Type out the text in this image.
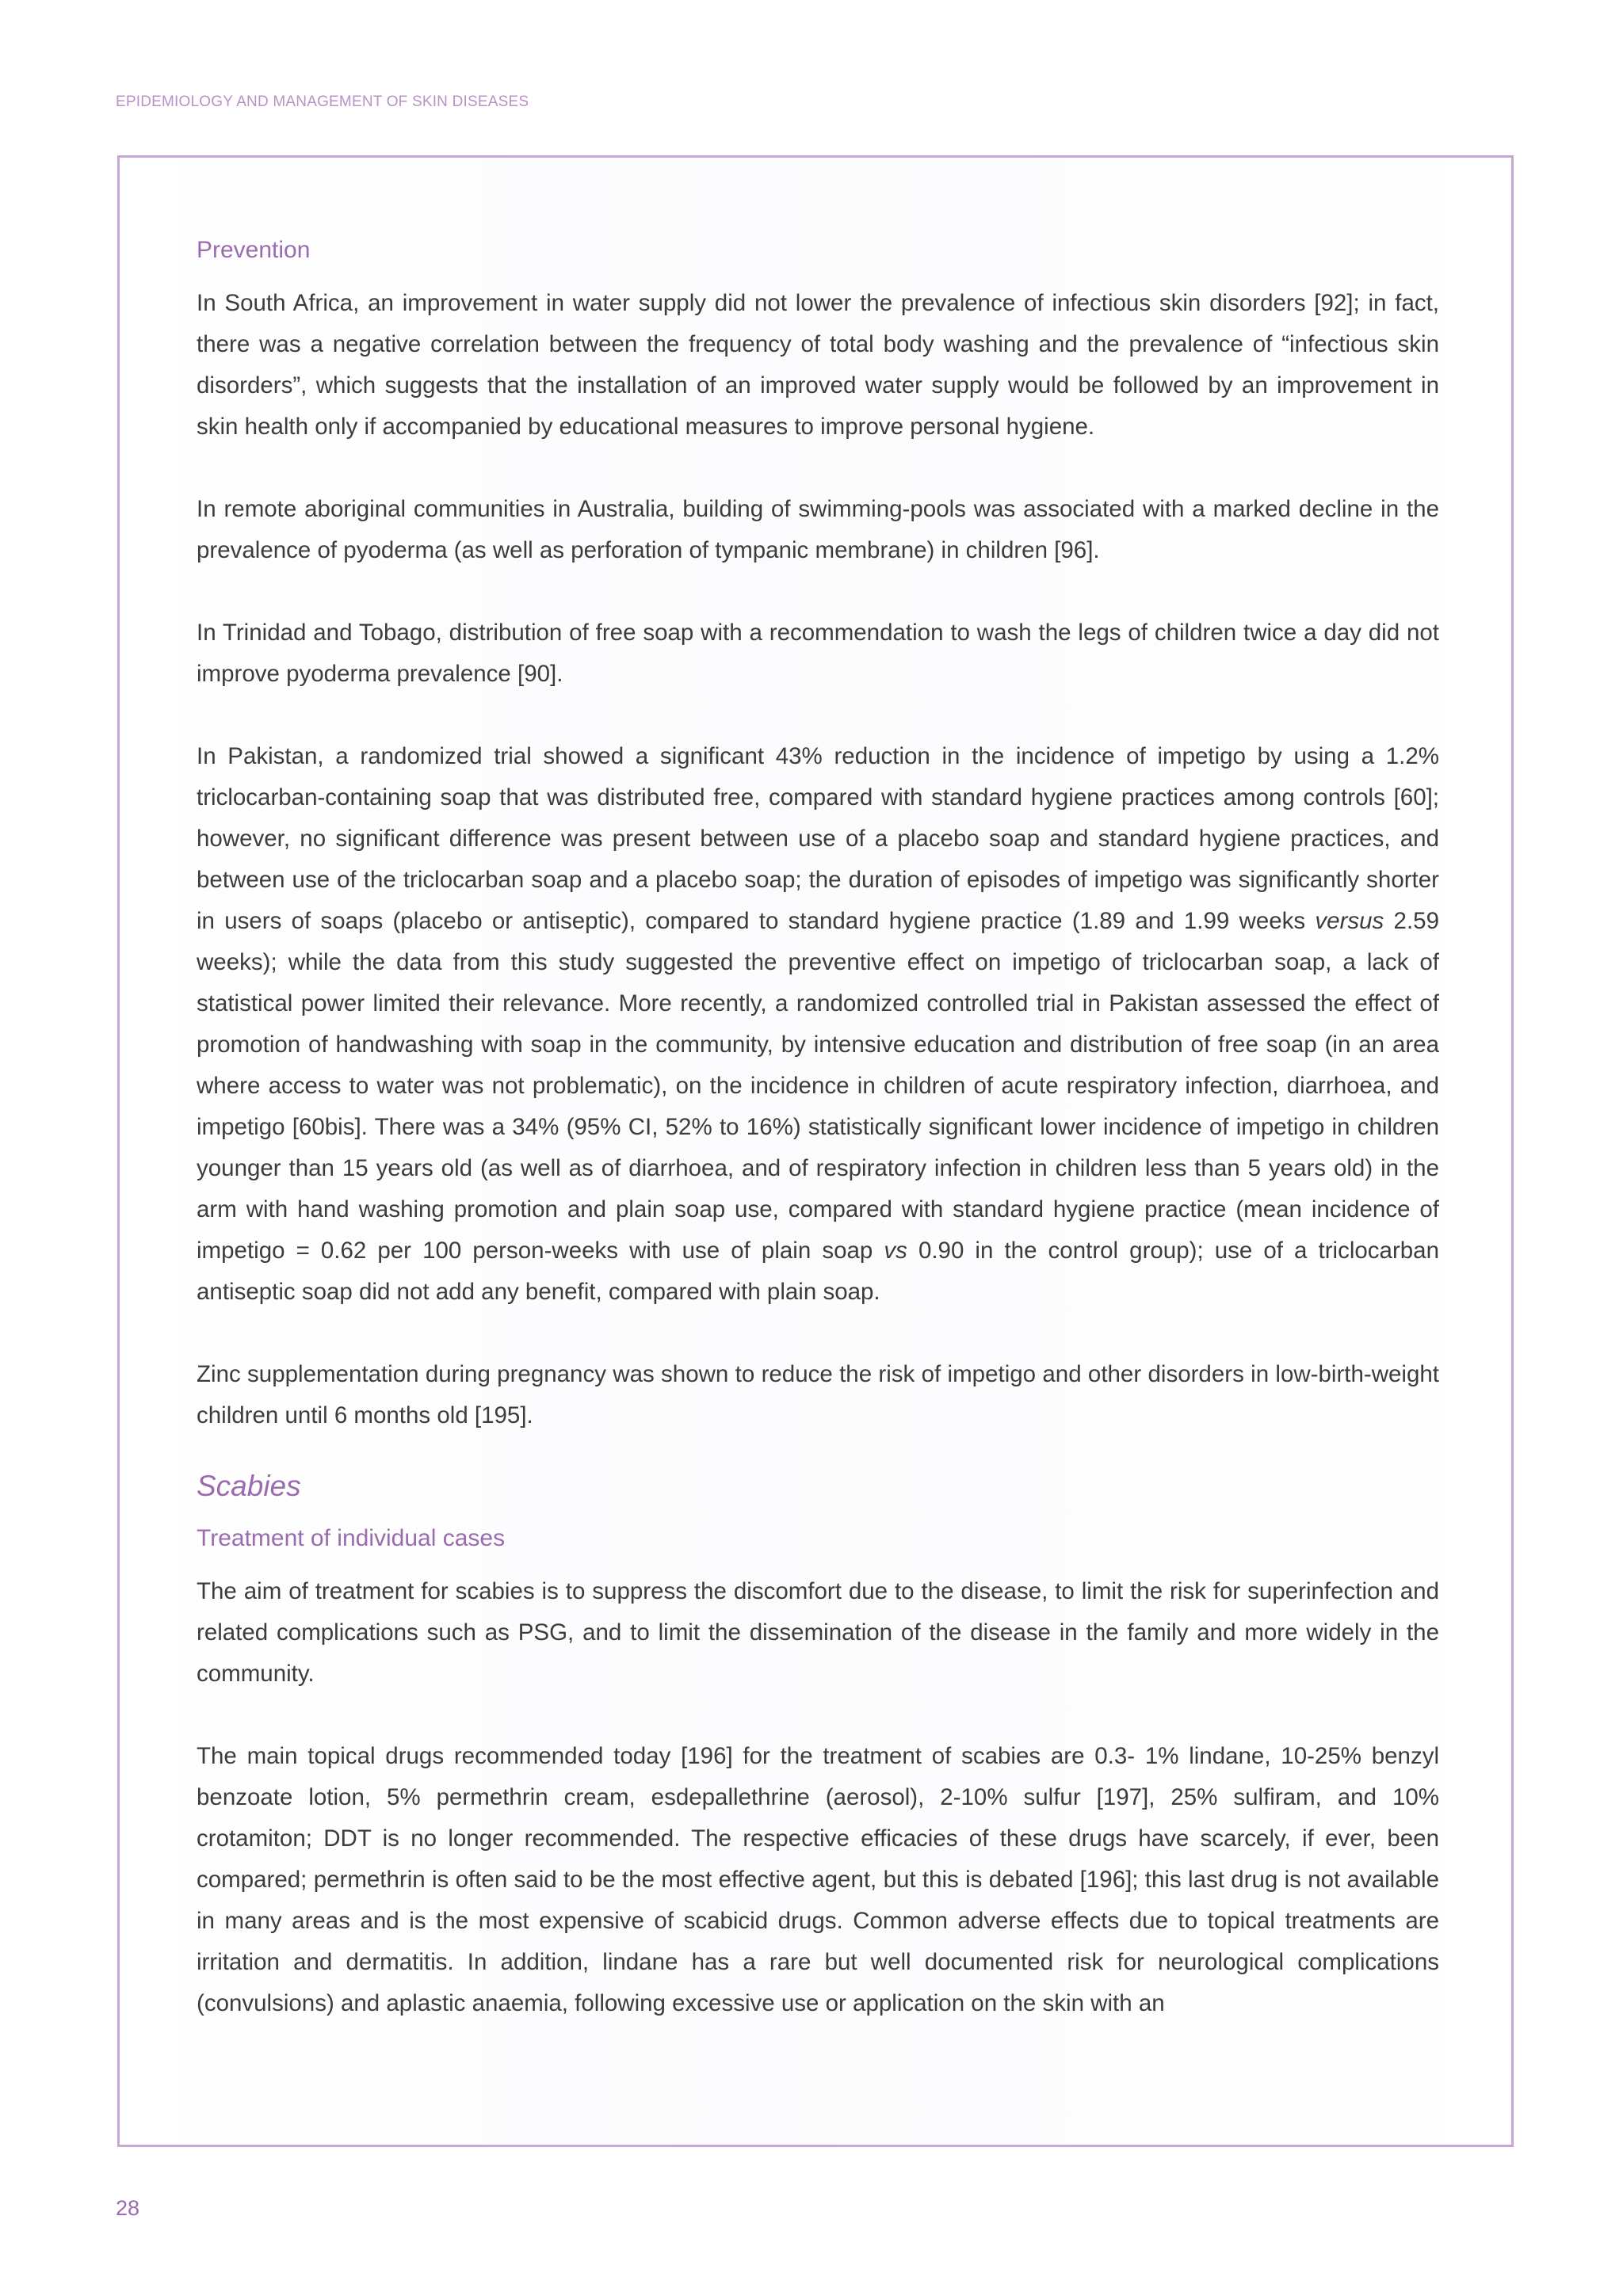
EPIDEMIOLOGY AND MANAGEMENT OF SKIN DISEASES
Prevention

In South Africa, an improvement in water supply did not lower the prevalence of infectious skin disorders [92]; in fact, there was a negative correlation between the frequency of total body washing and the prevalence of “infectious skin disorders”, which suggests that the installation of an improved water supply would be followed by an improvement in skin health only if accompanied by educational measures to improve personal hygiene.

In remote aboriginal communities in Australia, building of swimming-pools was associated with a marked decline in the prevalence of pyoderma (as well as perforation of tympanic membrane) in children [96].

In Trinidad and Tobago, distribution of free soap with a recommendation to wash the legs of children twice a day did not improve pyoderma prevalence [90].

In Pakistan, a randomized trial showed a significant 43% reduction in the incidence of impetigo by using a 1.2% triclocarban-containing soap that was distributed free, compared with standard hygiene practices among controls [60]; however, no significant difference was present between use of a placebo soap and standard hygiene practices, and between use of the triclocarban soap and a placebo soap; the duration of episodes of impetigo was significantly shorter in users of soaps (placebo or antiseptic), compared to standard hygiene practice (1.89 and 1.99 weeks versus 2.59 weeks); while the data from this study suggested the preventive effect on impetigo of triclocarban soap, a lack of statistical power limited their relevance. More recently, a randomized controlled trial in Pakistan assessed the effect of promotion of handwashing with soap in the community, by intensive education and distribution of free soap (in an area where access to water was not problematic), on the incidence in children of acute respiratory infection, diarrhoea, and impetigo [60bis]. There was a 34% (95% CI, 52% to 16%) statistically significant lower incidence of impetigo in children younger than 15 years old (as well as of diarrhoea, and of respiratory infection in children less than 5 years old) in the arm with hand washing promotion and plain soap use, compared with standard hygiene practice (mean incidence of impetigo = 0.62 per 100 person-weeks with use of plain soap vs 0.90 in the control group); use of a triclocarban antiseptic soap did not add any benefit, compared with plain soap.

Zinc supplementation during pregnancy was shown to reduce the risk of impetigo and other disorders in low-birth-weight children until 6 months old [195].

Scabies
Treatment of individual cases

The aim of treatment for scabies is to suppress the discomfort due to the disease, to limit the risk for superinfection and related complications such as PSG, and to limit the dissemination of the disease in the family and more widely in the community.

The main topical drugs recommended today [196] for the treatment of scabies are 0.3- 1% lindane, 10-25% benzyl benzoate lotion, 5% permethrin cream, esdepallethrine (aerosol), 2-10% sulfur [197], 25% sulfiram, and 10% crotamiton; DDT is no longer recommended. The respective efficacies of these drugs have scarcely, if ever, been compared; permethrin is often said to be the most effective agent, but this is debated [196]; this last drug is not available in many areas and is the most expensive of scabicid drugs. Common adverse effects due to topical treatments are irritation and dermatitis. In addition, lindane has a rare but well documented risk for neurological complications (convulsions) and aplastic anaemia, following excessive use or application on the skin with an

28
